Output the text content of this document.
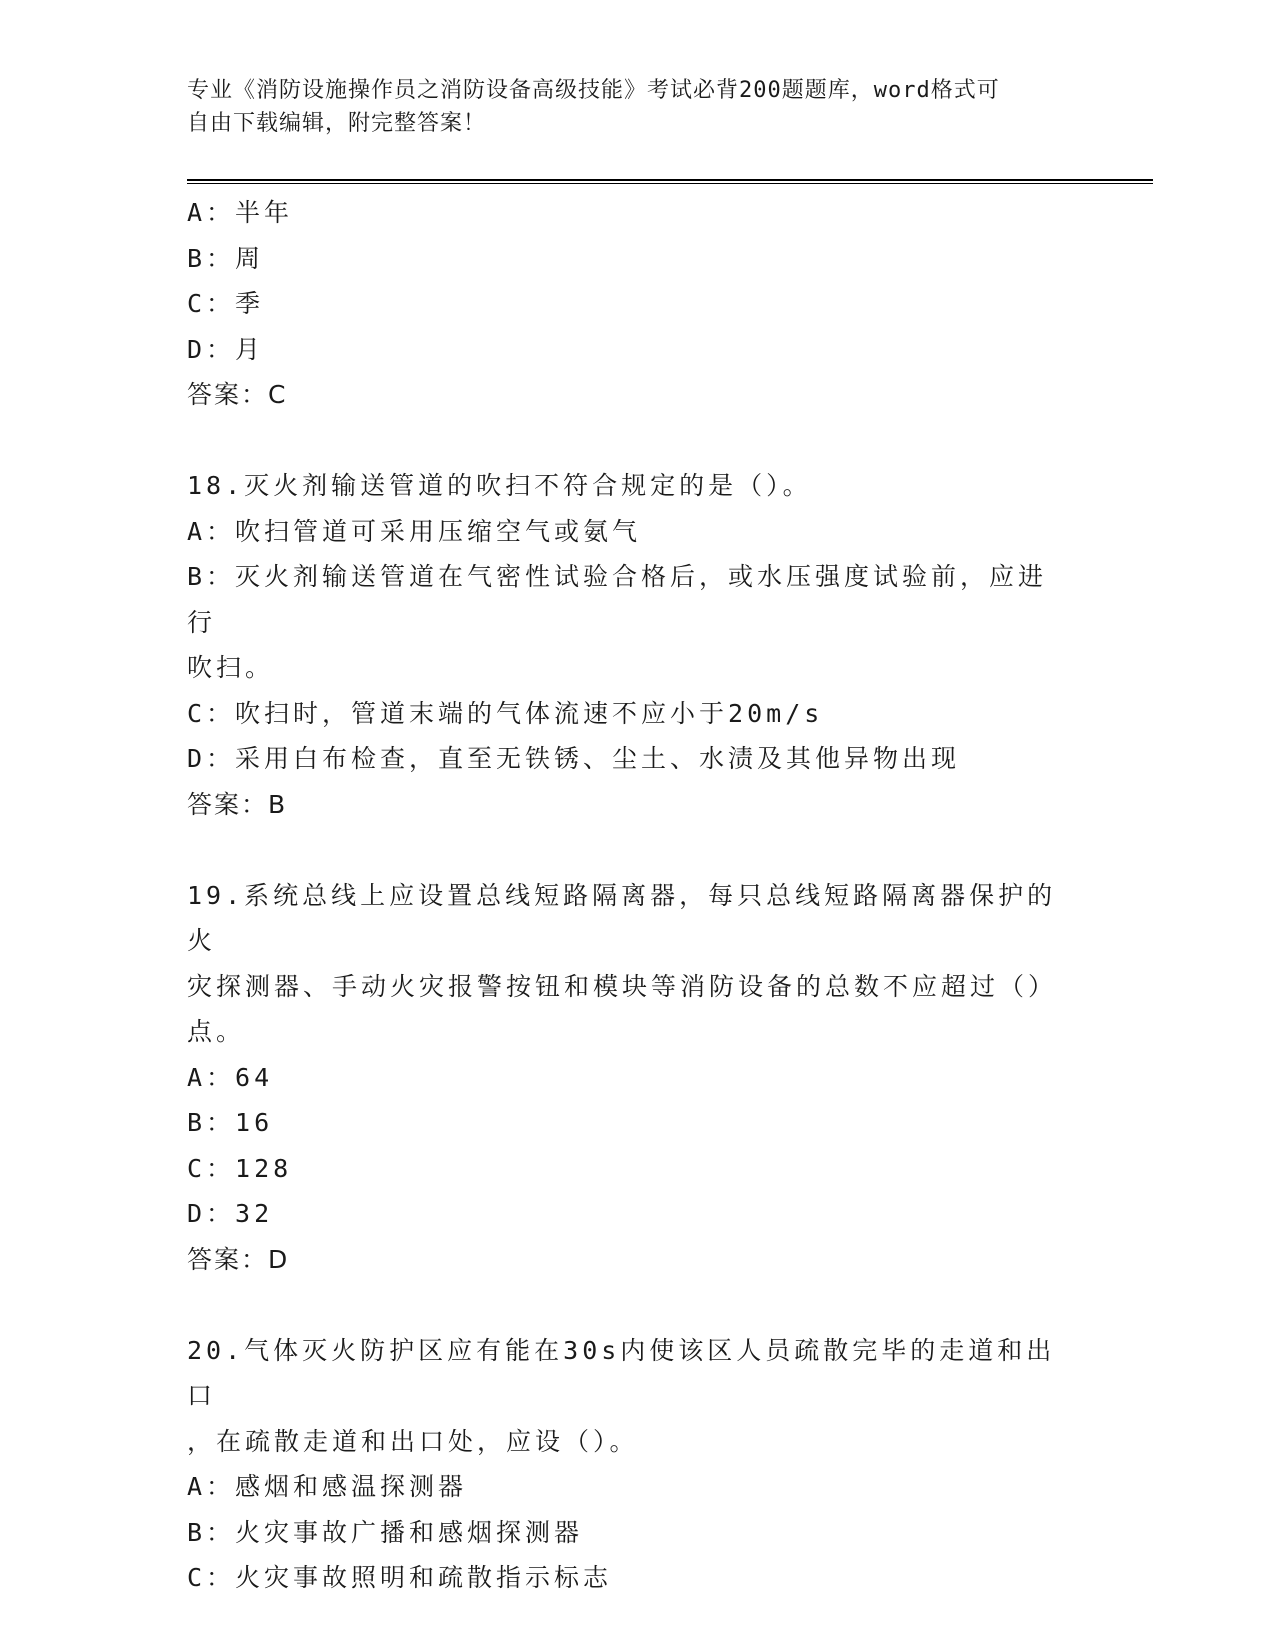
专业《消防设施操作员之消防设备高级技能》考试必背200题题库，word格式可
自由下载编辑，附完整答案！
A：半年
B：周
C：季
D：月
答案：C
18.灭火剂输送管道的吹扫不符合规定的是（）。
A：吹扫管道可采用压缩空气或氨气
B：灭火剂输送管道在气密性试验合格后，或水压强度试验前，应进行
吹扫。
C：吹扫时，管道末端的气体流速不应小于20m/s
D：采用白布检查，直至无铁锈、尘土、水渍及其他异物出现
答案：B
19.系统总线上应设置总线短路隔离器，每只总线短路隔离器保护的火
灾探测器、手动火灾报警按钮和模块等消防设备的总数不应超过（）
点。
A：64
B：16
C：128
D：32
答案：D
20.气体灭火防护区应有能在30s内使该区人员疏散完毕的走道和出口
，在疏散走道和出口处，应设（）。
A：感烟和感温探测器
B：火灾事故广播和感烟探测器
C：火灾事故照明和疏散指示标志
